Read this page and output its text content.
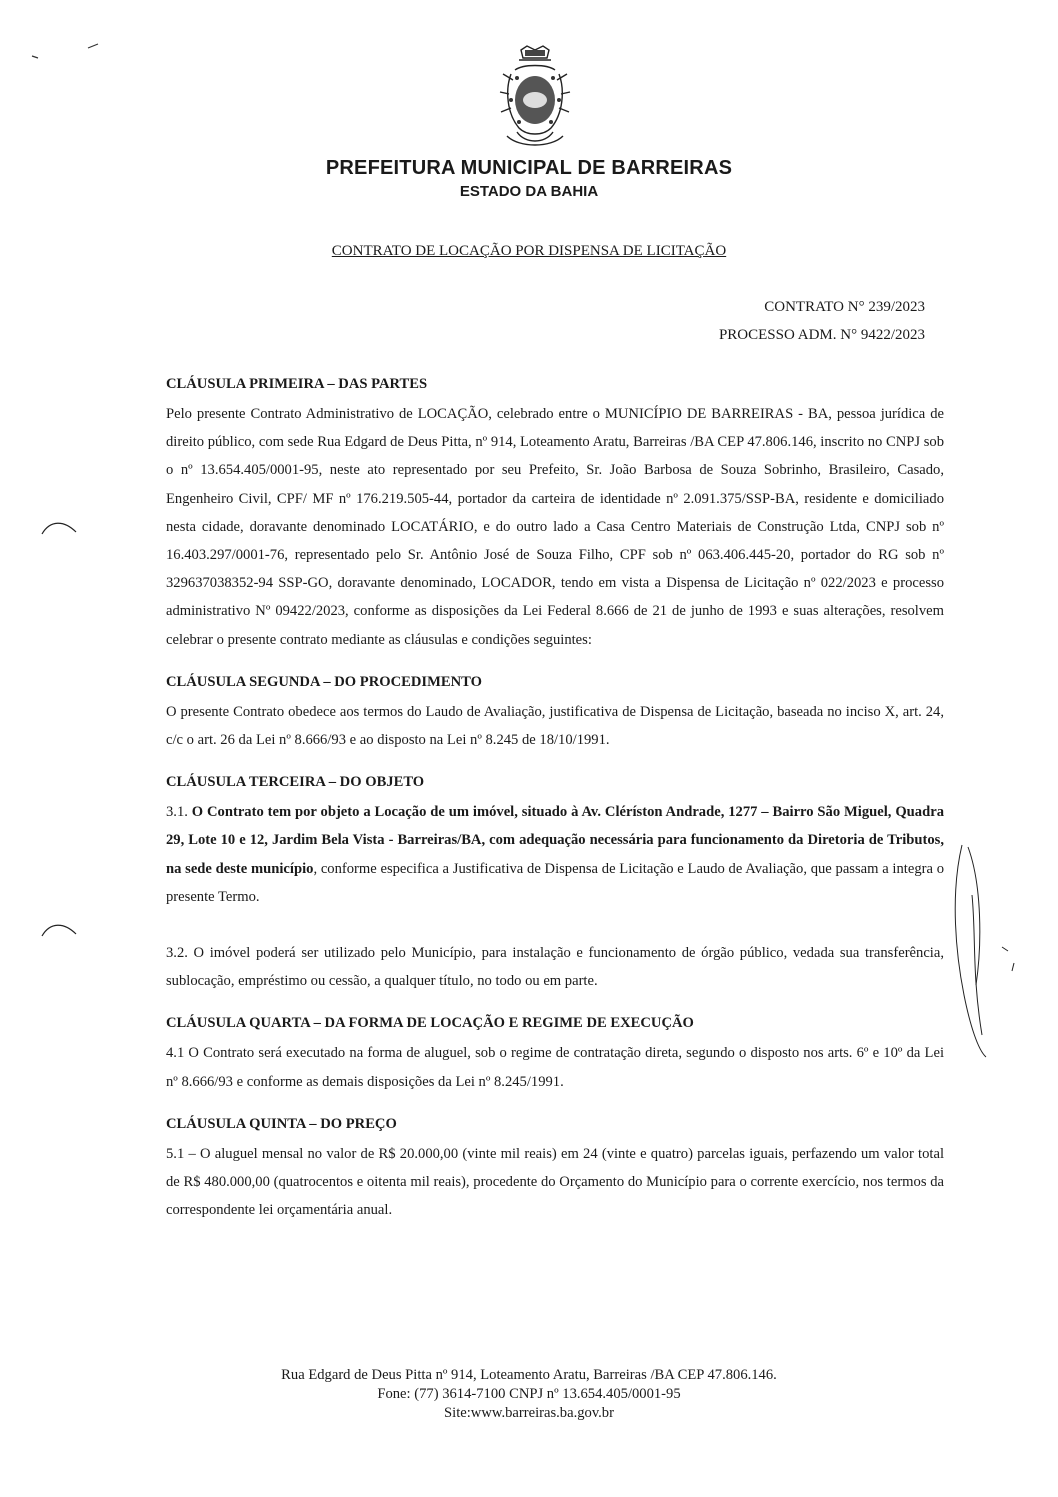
PREFEITURA MUNICIPAL DE BARREIRAS
ESTADO DA BAHIA
CONTRATO DE LOCAÇÃO POR DISPENSA DE LICITAÇÃO
CONTRATO N° 239/2023
PROCESSO ADM. N° 9422/2023
CLÁUSULA PRIMEIRA – DAS PARTES

Pelo presente Contrato Administrativo de LOCAÇÃO, celebrado entre o MUNICÍPIO DE BARREIRAS - BA, pessoa jurídica de direito público, com sede Rua Edgard de Deus Pitta, nº 914, Loteamento Aratu, Barreiras /BA CEP 47.806.146, inscrito no CNPJ sob o nº 13.654.405/0001-95, neste ato representado por seu Prefeito, Sr. João Barbosa de Souza Sobrinho, Brasileiro, Casado, Engenheiro Civil, CPF/ MF nº 176.219.505-44, portador da carteira de identidade nº 2.091.375/SSP-BA, residente e domiciliado nesta cidade, doravante denominado LOCATÁRIO, e do outro lado a Casa Centro Materiais de Construção Ltda, CNPJ sob nº 16.403.297/0001-76, representado pelo Sr. Antônio José de Souza Filho, CPF sob nº 063.406.445-20, portador do RG sob nº 329637038352-94 SSP-GO, doravante denominado, LOCADOR, tendo em vista a Dispensa de Licitação nº 022/2023 e processo administrativo Nº 09422/2023, conforme as disposições da Lei Federal 8.666 de 21 de junho de 1993 e suas alterações, resolvem celebrar o presente contrato mediante as cláusulas e condições seguintes:

CLÁUSULA SEGUNDA – DO PROCEDIMENTO

O presente Contrato obedece aos termos do Laudo de Avaliação, justificativa de Dispensa de Licitação, baseada no inciso X, art. 24, c/c o art. 26 da Lei nº 8.666/93 e ao disposto na Lei nº 8.245 de 18/10/1991.

CLÁUSULA TERCEIRA – DO OBJETO

3.1. O Contrato tem por objeto a Locação de um imóvel, situado à Av. Cléríston Andrade, 1277 – Bairro São Miguel, Quadra 29, Lote 10 e 12, Jardim Bela Vista - Barreiras/BA, com adequação necessária para funcionamento da Diretoria de Tributos, na sede deste município, conforme especifica a Justificativa de Dispensa de Licitação e Laudo de Avaliação, que passam a integra o presente Termo.

3.2. O imóvel poderá ser utilizado pelo Município, para instalação e funcionamento de órgão público, vedada sua transferência, sublocação, empréstimo ou cessão, a qualquer título, no todo ou em parte.

CLÁUSULA QUARTA – DA FORMA DE LOCAÇÃO E REGIME DE EXECUÇÃO

4.1 O Contrato será executado na forma de aluguel, sob o regime de contratação direta, segundo o disposto nos arts. 6º e 10º da Lei nº 8.666/93 e conforme as demais disposições da Lei nº 8.245/1991.

CLÁUSULA QUINTA – DO PREÇO

5.1 – O aluguel mensal no valor de R$ 20.000,00 (vinte mil reais) em 24 (vinte e quatro) parcelas iguais, perfazendo um valor total de R$ 480.000,00 (quatrocentos e oitenta mil reais), procedente do Orçamento do Município para o corrente exercício, nos termos da correspondente lei orçamentária anual.

Rua Edgard de Deus Pitta nº 914, Loteamento Aratu, Barreiras /BA CEP 47.806.146.
Fone: (77) 3614-7100 CNPJ nº 13.654.405/0001-95
Site:www.barreiras.ba.gov.br
